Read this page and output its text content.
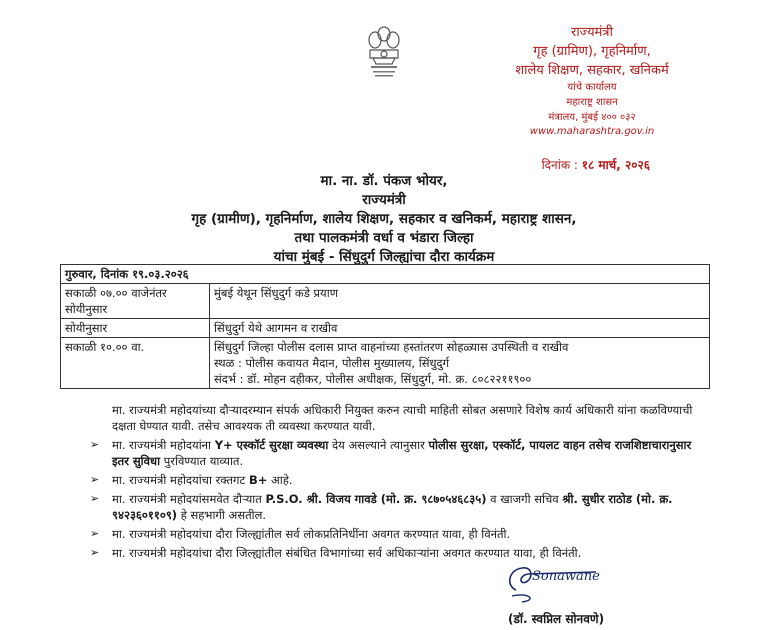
राज्यमंत्री
गृह (ग्रामिण), गृहनिर्माण,
शालेय शिक्षण, सहकार, खनिकर्म
यांचे कार्यालय
महाराष्ट्र शासन
मंत्रालय, मुंबई ४०० ०३२
www.maharashtra.gov.in
दिनांक : १८ मार्च, २०२६
मा. ना. डॉ. पंकज भोयर,
राज्यमंत्री
गृह (ग्रामीण), गृहनिर्माण, शालेय शिक्षण, सहकार व खनिकर्म, महाराष्ट्र शासन,
तथा पालकमंत्री वर्धा व भंडारा जिल्हा
यांचा मुंबई - सिंधुदुर्ग जिल्ह्यांचा दौरा कार्यक्रम
गुरुवार, दिनांक १९.०३.२०२६	
सकाळी ०७.०० वाजेनंतर सोयीनुसार	मुंबई येथून सिंधुदुर्ग कडे प्रयाण
सोयीनुसार	सिंधुदुर्ग येथे आगमन व राखीव
सकाळी १०.०० वा.	सिंधुदुर्ग जिल्हा पोलीस दलास प्राप्त वाहनांच्या हस्तांतरण सोहळ्यास उपस्थिती व राखीव
स्थळ : पोलीस कवायत मैदान, पोलीस मुख्यालय, सिंधुदुर्ग
संदर्भ : डॉ. मोहन दहीकर, पोलीस अधीक्षक, सिंधुदुर्ग, मो. क्र. ८०८२२११९००
मा. राज्यमंत्री महोदयांच्या दौऱ्यादरम्यान संपर्क अधिकारी नियुक्त करुन त्याची माहिती सोबत असणारे विशेष कार्य अधिकारी यांना कळविण्याची दक्षता घेण्यात यावी. तसेच आवश्यक ती व्यवस्था करण्यात यावी.
➢ मा. राज्यमंत्री महोदयांना Y+ एस्कॉर्ट सुरक्षा व्यवस्था देय असल्याने त्यानुसार पोलीस सुरक्षा, एस्कॉर्ट, पायलट वाहन तसेच राजशिष्टाचारानुसार इतर सुविधा पुरविण्यात याव्यात.
➢ मा. राज्यमंत्री महोदयांचा रक्तगट B+ आहे.
➢ मा. राज्यमंत्री महोदयांसमवेत दौऱ्यात P.S.O. श्री. विजय गावडे (मो. क्र. ९८७०५४६८३५) व खाजगी सचिव श्री. सुधीर राठोड (मो. क्र. ९४२३६०११०९) हे सहभागी असतील.
➢ मा. राज्यमंत्री महोदयांचा दौरा जिल्ह्यांतील सर्व लोकप्रतिनिधींना अवगत करण्यात यावा, ही विनंती.
➢ मा. राज्यमंत्री महोदयांचा दौरा जिल्ह्यांतील संबंधित विभागांच्या सर्व अधिकाऱ्यांना अवगत करण्यात यावा, ही विनंती.
Sonawane
(डॉ. स्वप्निल सोनवणे)
